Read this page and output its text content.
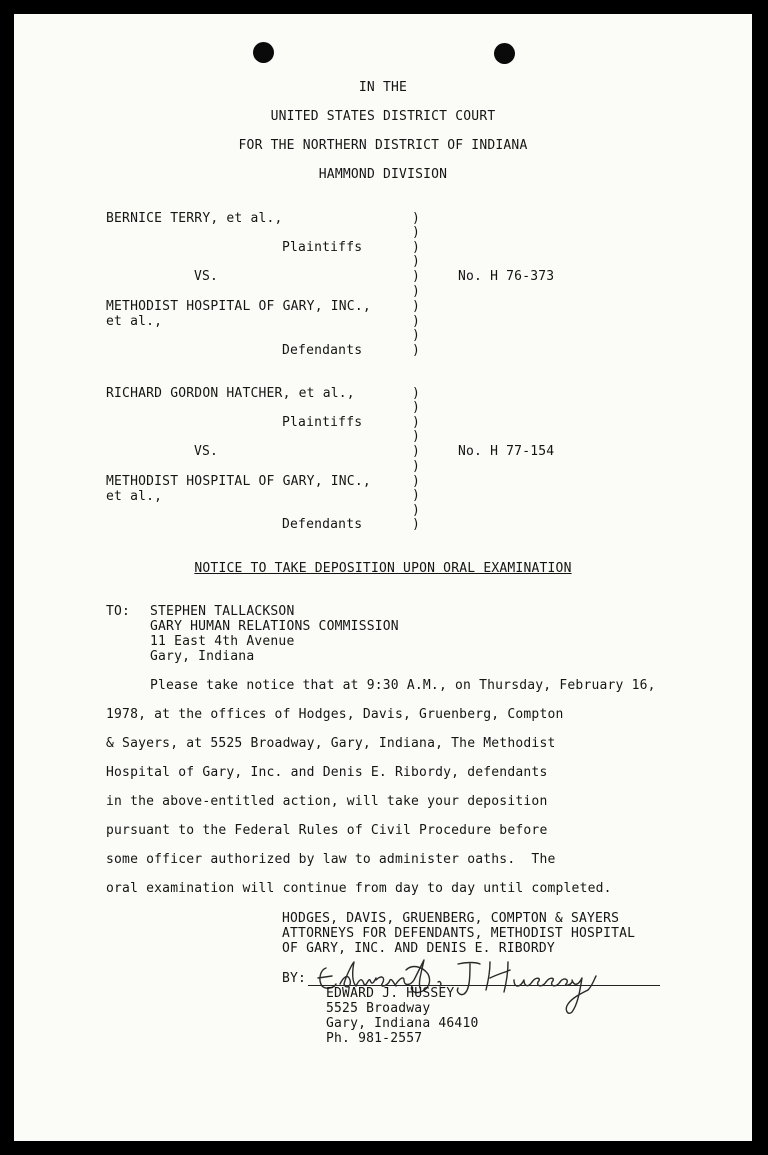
IN THE
UNITED STATES DISTRICT COURT
FOR THE NORTHERN DISTRICT OF INDIANA
HAMMOND DIVISION
BERNICE TERRY, et al.,
Plaintiffs
VS.
METHODIST HOSPITAL OF GARY, INC.,
et al.,
Defendants
No. H 76-373
)
)
)
)
)
)
)
)
)
)
RICHARD GORDON HATCHER, et al.,
Plaintiffs
VS.
METHODIST HOSPITAL OF GARY, INC.,
et al.,
Defendants
No. H 77-154
)
)
)
)
)
)
)
)
)
)
NOTICE TO TAKE DEPOSITION UPON ORAL EXAMINATION
TO: STEPHEN TALLACKSON
GARY HUMAN RELATIONS COMMISSION
11 East 4th Avenue
Gary, Indiana
Please take notice that at 9:30 A.M., on Thursday, February 16,
1978, at the offices of Hodges, Davis, Gruenberg, Compton
& Sayers, at 5525 Broadway, Gary, Indiana, The Methodist
Hospital of Gary, Inc. and Denis E. Ribordy, defendants
in the above-entitled action, will take your deposition
pursuant to the Federal Rules of Civil Procedure before
some officer authorized by law to administer oaths.  The
oral examination will continue from day to day until completed.
HODGES, DAVIS, GRUENBERG, COMPTON & SAYERS
ATTORNEYS FOR DEFENDANTS, METHODIST HOSPITAL
OF GARY, INC. AND DENIS E. RIBORDY
BY:
EDWARD J. HUSSEY
5525 Broadway
Gary, Indiana 46410
Ph. 981-2557
